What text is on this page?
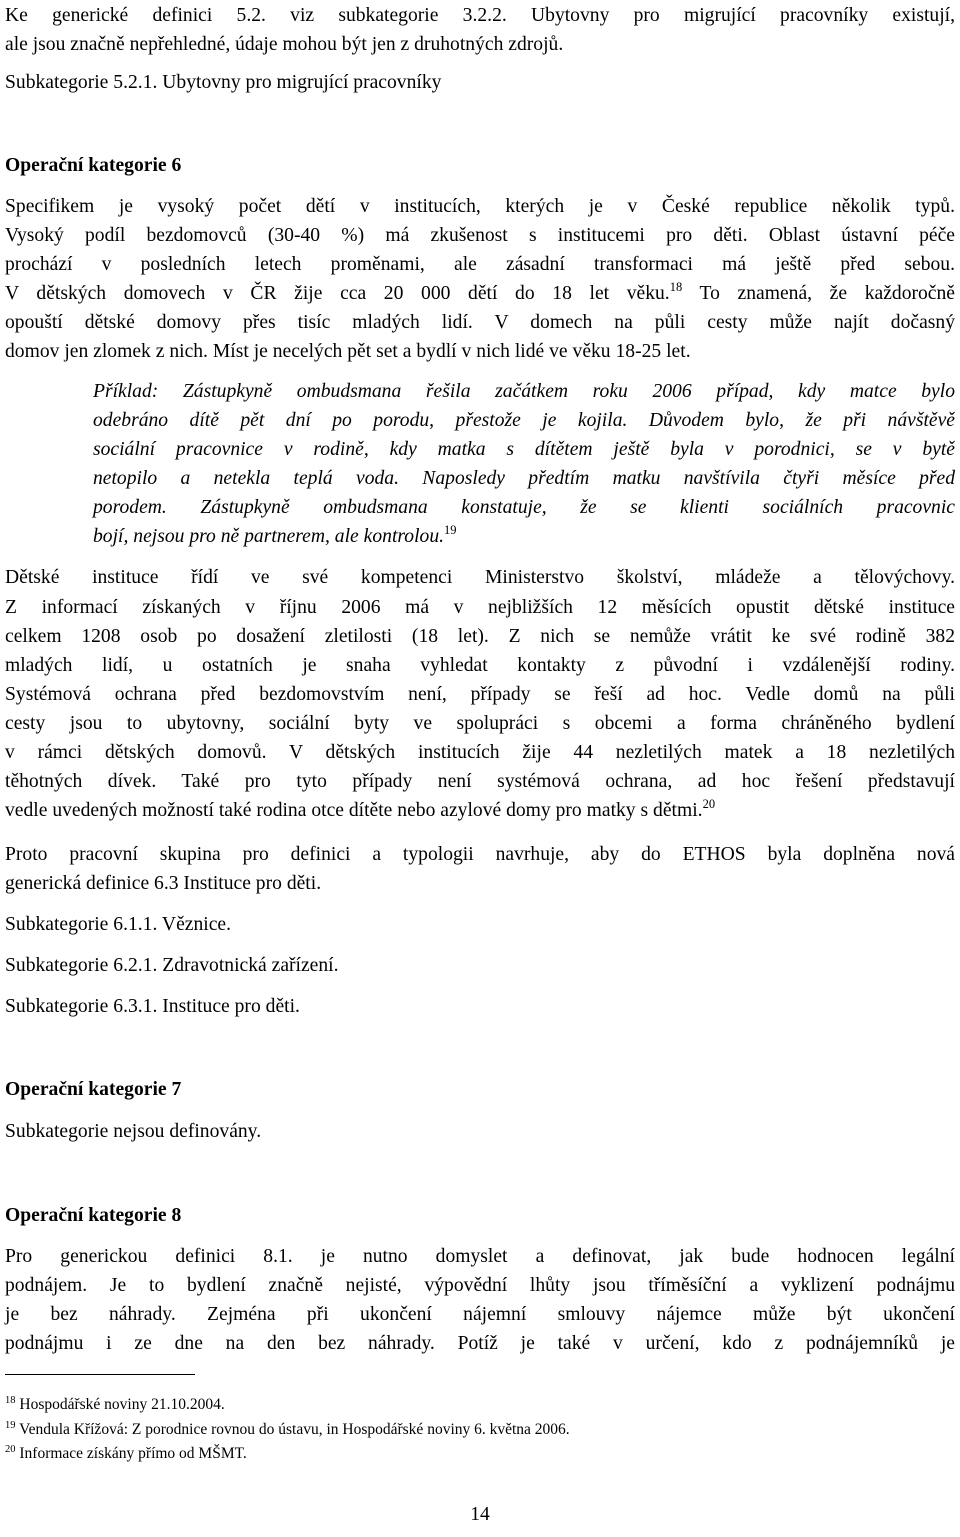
Ke generické definici 5.2. viz subkategorie 3.2.2. Ubytovny pro migrující pracovníky existují,

ale jsou značně nepřehledné, údaje mohou být jen z druhotných zdrojů.

Subkategorie 5.2.1. Ubytovny pro migrující pracovníky

Operační kategorie 6

Specifikem je vysoký počet dětí v institucích, kterých je v České republice několik typů.

Vysoký podíl bezdomovců (30-40 %) má zkušenost s institucemi pro děti. Oblast ústavní péče

prochází v posledních letech proměnami, ale zásadní transformaci má ještě před sebou.

V dětských domovech v ČR žije cca 20 000 dětí do 18 let věku.$^{18}$ To znamená, že každoročně

opouští dětské domovy přes tisíc mladých lidí. V domech na půli cesty může najít dočasný

domov jen zlomek z nich. Míst je necelých pět set a bydlí v nich lidé ve věku 18-25 let.

Příklad: Zástupkyně ombudsmana řešila začátkem roku 2006 případ, kdy matce bylo

odebráno dítě pět dní po porodu, přestože je kojila. Důvodem bylo, že při návštěvě

sociální pracovnice v rodině, kdy matka s dítětem ještě byla v porodnici, se v bytě

netopilo a netekla teplá voda. Naposledy předtím matku navštívila čtyři měsíce před

porodem. Zástupkyně ombudsmana konstatuje, že se klienti sociálních pracovnic

bojí, nejsou pro ně partnerem, ale kontrolou.$^{19}$

Dětské instituce řídí ve své kompetenci Ministerstvo školství, mládeže a tělovýchovy.

Z informací získaných v říjnu 2006 má v nejbližších 12 měsících opustit dětské instituce

celkem 1208 osob po dosažení zletilosti (18 let). Z nich se nemůže vrátit ke své rodině 382

mladých lidí, u ostatních je snaha vyhledat kontakty z původní i vzdálenější rodiny.

Systémová ochrana před bezdomovstvím není, případy se řeší ad hoc. Vedle domů na půli

cesty jsou to ubytovny, sociální byty ve spolupráci s obcemi a forma chráněného bydlení

v rámci dětských domovů. V dětských institucích žije 44 nezletilých matek a 18 nezletilých

těhotných dívek. Také pro tyto případy není systémová ochrana, ad hoc řešení představují

vedle uvedených možností také rodina otce dítěte nebo azylové domy pro matky s dětmi.$^{20}$

Proto pracovní skupina pro definici a typologii navrhuje, aby do ETHOS byla doplněna nová

generická definice 6.3 Instituce pro děti.

Subkategorie 6.1.1. Věznice.

Subkategorie 6.2.1. Zdravotnická zařízení.

Subkategorie 6.3.1. Instituce pro děti.

Operační kategorie 7

Subkategorie nejsou definovány.

Operační kategorie 8

Pro generickou definici 8.1. je nutno domyslet a definovat, jak bude hodnocen legální

podnájem. Je to bydlení značně nejisté, výpovědní lhůty jsou tříměsíční a vyklizení podnájmu

je bez náhrady. Zejména při ukončení nájemní smlouvy nájemce může být ukončení

podnájmu i ze dne na den bez náhrady. Potíž je také v určení, kdo z podnájemníků je

$^{18}$ Hospodářské noviny 21.10.2004.
$^{19}$ Vendula Křížová: Z porodnice rovnou do ústavu, in Hospodářské noviny 6. května 2006.
$^{20}$ Informace získány přímo od MŠMT.
14
